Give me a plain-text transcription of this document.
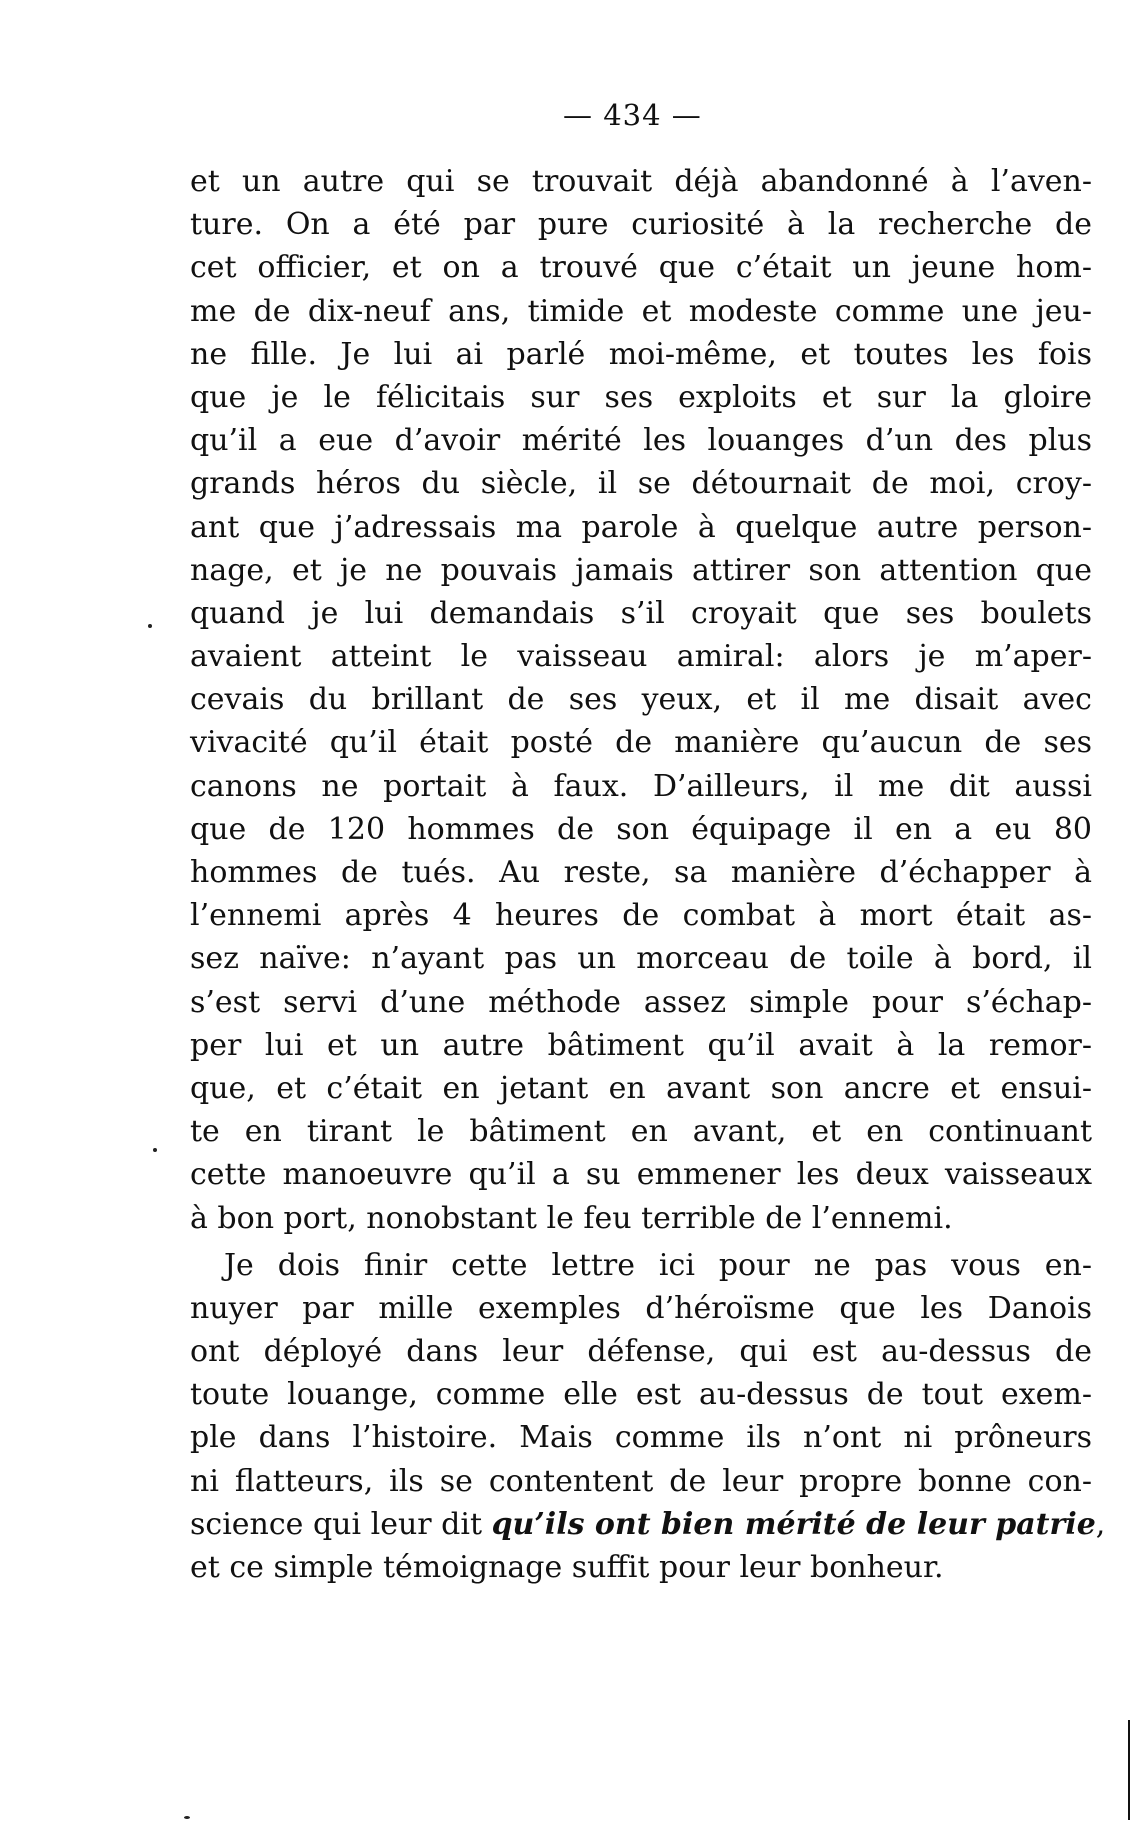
— 434 —
et un autre qui se trouvait déjà abandonné à l’aven-
ture. On a été par pure curiosité à la recherche de
cet officier, et on a trouvé que c’était un jeune hom-
me de dix-neuf ans, timide et modeste comme une jeu-
ne fille. Je lui ai parlé moi-même, et toutes les fois
que je le félicitais sur ses exploits et sur la gloire
qu’il a eue d’avoir mérité les louanges d’un des plus
grands héros du siècle, il se détournait de moi, croy-
ant que j’adressais ma parole à quelque autre person-
nage, et je ne pouvais jamais attirer son attention que
quand je lui demandais s’il croyait que ses boulets
avaient atteint le vaisseau amiral: alors je m’aper-
cevais du brillant de ses yeux, et il me disait avec
vivacité qu’il était posté de manière qu’aucun de ses
canons ne portait à faux. D’ailleurs, il me dit aussi
que de 120 hommes de son équipage il en a eu 80
hommes de tués. Au reste, sa manière d’échapper à
l’ennemi après 4 heures de combat à mort était as-
sez naïve: n’ayant pas un morceau de toile à bord, il
s’est servi d’une méthode assez simple pour s’échap-
per lui et un autre bâtiment qu’il avait à la remor-
que, et c’était en jetant en avant son ancre et ensui-
te en tirant le bâtiment en avant, et en continuant
cette manoeuvre qu’il a su emmener les deux vaisseaux
à bon port, nonobstant le feu terrible de l’ennemi.
Je dois finir cette lettre ici pour ne pas vous en-
nuyer par mille exemples d’héroïsme que les Danois
ont déployé dans leur défense, qui est au-dessus de
toute louange, comme elle est au-dessus de tout exem-
ple dans l’histoire. Mais comme ils n’ont ni prôneurs
ni flatteurs, ils se contentent de leur propre bonne con-
science qui leur dit qu’ils ont bien mérité de leur patrie,
et ce simple témoignage suffit pour leur bonheur.
